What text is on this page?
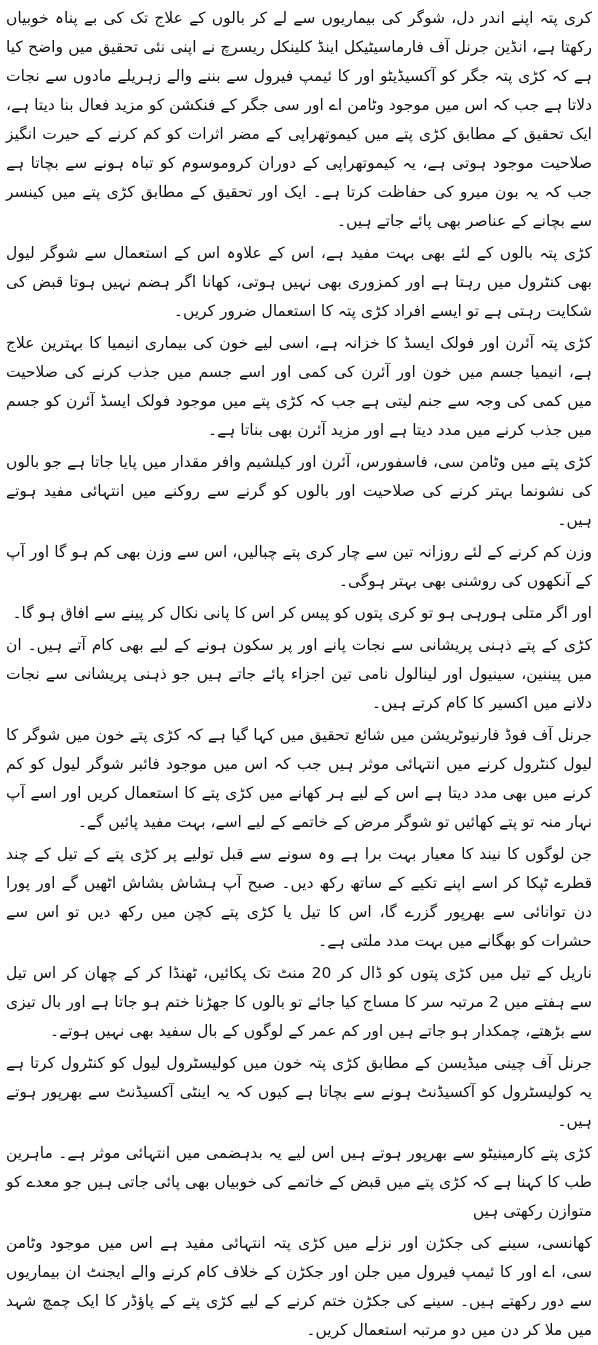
کری پتہ اپنے اندر دل، شوگر کی بیماریوں سے لے کر بالوں کے علاج تک کی بے پناہ خوبیاں رکھتا ہے، انڈین جرنل آف فارماسیٹیکل اینڈ کلینکل ریسرچ نے اپنی نئی تحقیق میں واضح کیا ہے کہ کڑی پتہ جگر کو آکسیڈیٹو اور کا ئیمپ فیرول سے بننے والے زہریلے مادوں سے نجات دلاتا ہے جب کہ اس میں موجود وٹامن اے اور سی جگر کے فنکشن کو مزید فعال بنا دیتا ہے، ایک تحقیق کے مطابق کڑی پتے میں کیموتھراپی کے مضر اثرات کو کم کرنے کے حیرت انگیز صلاحیت موجود ہوتی ہے، یہ کیموتھراپی کے دوران کروموسوم کو تباہ ہونے سے بچاتا ہے جب کہ یہ بون میرو کی حفاظت کرتا ہے۔ ایک اور تحقیق کے مطابق کڑی پتے میں کینسر سے بچانے کے عناصر بھی پائے جاتے ہیں۔

کڑی پتہ بالوں کے لئے بھی بہت مفید ہے، اس کے علاوہ اس کے استعمال سے شوگر لیول بھی کنٹرول میں رہتا ہے اور کمزوری بھی نہیں ہوتی، کھانا اگر ہضم نہیں ہوتا قبض کی شکایت رہتی ہے تو ایسے افراد کڑی پتہ کا استعمال ضرور کریں۔

کڑی پتہ آئرن اور فولک ایسڈ کا خزانہ ہے، اسی لیے خون کی بیماری انیمیا کا بہترین علاج ہے، انیمیا جسم میں خون اور آئرن کی کمی اور اسے جسم میں جذب کرنے کی صلاحیت میں کمی کی وجہ سے جنم لیتی ہے جب کہ کڑی پتے میں موجود فولک ایسڈ آئرن کو جسم میں جذب کرنے میں مدد دیتا ہے اور مزید آئرن بھی بناتا ہے۔

کڑی پتے میں وٹامن سی، فاسفورس، آئرن اور کیلشیم وافر مقدار میں پایا جاتا ہے جو بالوں کی نشونما بہتر کرنے کی صلاحیت اور بالوں کو گرنے سے روکنے میں انتہائی مفید ہوتے ہیں۔

وزن کم کرنے کے لئے روزانہ تین سے چار کری پتے چبالیں، اس سے وزن بھی کم ہو گا اور آپ کے آنکھوں کی روشنی بھی بہتر ہوگی۔

اور اگر متلی ہورہی ہو تو کری پتوں کو پیس کر اس کا پانی نکال کر پینے سے افاق ہو گا۔

کڑی کے پتے ذہنی پریشانی سے نجات پانے اور پر سکون ہونے کے لیے بھی کام آتے ہیں۔ ان میں پیننین، سینیول اور لینالول نامی تین اجزاء پائے جاتے ہیں جو ذہنی پریشانی سے نجات دلانے میں اکسیر کا کام کرتے ہیں۔

جرنل آف فوڈ فارنیوٹریشن میں شائع تحقیق میں کہا گیا ہے کہ کڑی پتے خون میں شوگر کا لیول کنٹرول کرنے میں انتہائی موثر ہیں جب کہ اس میں موجود فائبر شوگر لیول کو کم کرنے میں بھی مدد دیتا ہے اس کے لیے ہر کھانے میں کڑی پتے کا استعمال کریں اور اسے آپ نہار منہ تو پتے کھائیں تو شوگر مرض کے خاتمے کے لیے اسے، بہت مفید پائیں گے۔

جن لوگوں کا نیند کا معیار بہت برا ہے وہ سونے سے قبل تولیے پر کڑی پتے کے تیل کے چند قطرے ٹپکا کر اسے اپنے تکیے کے ساتھ رکھ دیں۔ صبح آپ ہشاش بشاش اٹھیں گے اور پورا دن توانائی سے بھرپور گزرے گا، اس کا تیل یا کڑی پتے کچن میں رکھ دیں تو اس سے حشرات کو بھگانے میں بہت مدد ملتی ہے۔

ناریل کے تیل میں کڑی پتوں کو ڈال کر 20 منٹ تک پکائیں، ٹھنڈا کر کے چھان کر اس تیل سے ہفتے میں 2 مرتبہ سر کا مساج کیا جائے تو بالوں کا جھڑنا ختم ہو جاتا ہے اور بال تیزی سے بڑھتے، چمکدار ہو جاتے ہیں اور کم عمر کے لوگوں کے بال سفید بھی نہیں ہوتے۔

جرنل آف چینی میڈیسن کے مطابق کڑی پتہ خون میں کولیسٹرول لیول کو کنٹرول کرتا ہے یہ کولیسٹرول کو آکسیڈنٹ ہونے سے بچاتا ہے کیوں کہ یہ اینٹی آکسیڈنٹ سے بھرپور ہوتے ہیں۔

کڑی پتے کارمینیٹو سے بھرپور ہوتے ہیں اس لیے یہ بدہضمی میں انتہائی موثر ہے۔ ماہرین طب کا کہنا ہے کہ کڑی پتے میں قبض کے خاتمے کی خوبیاں بھی پائی جاتی ہیں جو معدے کو متوازن رکھتی ہیں

کھانسی، سینے کی جکڑن اور نزلے میں کڑی پتہ انتہائی مفید ہے اس میں موجود وٹامن سی، اے اور کا ئیمپ فیرول میں جلن اور جکڑن کے خلاف کام کرنے والے ایجنٹ ان بیماریوں سے دور رکھتے ہیں۔ سینے کی جکڑن ختم کرنے کے لیے کڑی پتے کے پاؤڈر کا ایک چمچ شہد میں ملا کر دن میں دو مرتبہ استعمال کریں۔
